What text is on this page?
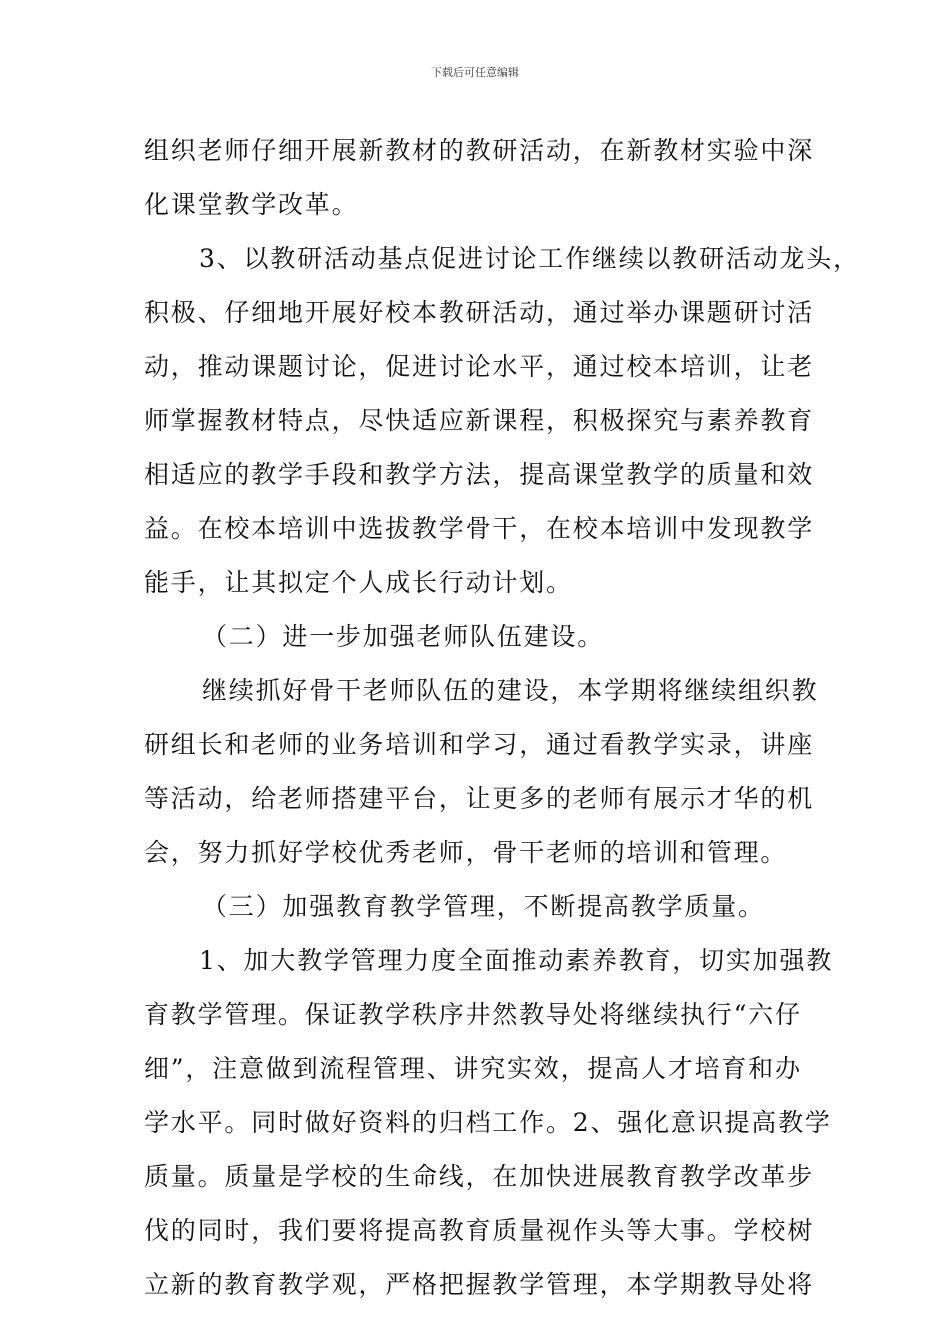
下载后可任意编辑
组织老师仔细开展新教材的教研活动，在新教材实验中深
化课堂教学改革。
3、以教研活动基点促进讨论工作继续以教研活动龙头，
积极、仔细地开展好校本教研活动，通过举办课题研讨活
动，推动课题讨论，促进讨论水平，通过校本培训，让老
师掌握教材特点，尽快适应新课程，积极探究与素养教育
相适应的教学手段和教学方法，提高课堂教学的质量和效
益。在校本培训中选拔教学骨干，在校本培训中发现教学
能手，让其拟定个人成长行动计划。
（二）进一步加强老师队伍建设。
继续抓好骨干老师队伍的建设，本学期将继续组织教
研组长和老师的业务培训和学习，通过看教学实录，讲座
等活动，给老师搭建平台，让更多的老师有展示才华的机
会，努力抓好学校优秀老师，骨干老师的培训和管理。
（三）加强教育教学管理，不断提高教学质量。
1、加大教学管理力度全面推动素养教育，切实加强教
育教学管理。保证教学秩序井然教导处将继续执行“六仔
细”，注意做到流程管理、讲究实效，提高人才培育和办
学水平。同时做好资料的归档工作。2、强化意识提高教学
质量。质量是学校的生命线，在加快进展教育教学改革步
伐的同时，我们要将提高教育质量视作头等大事。学校树
立新的教育教学观，严格把握教学管理，本学期教导处将
